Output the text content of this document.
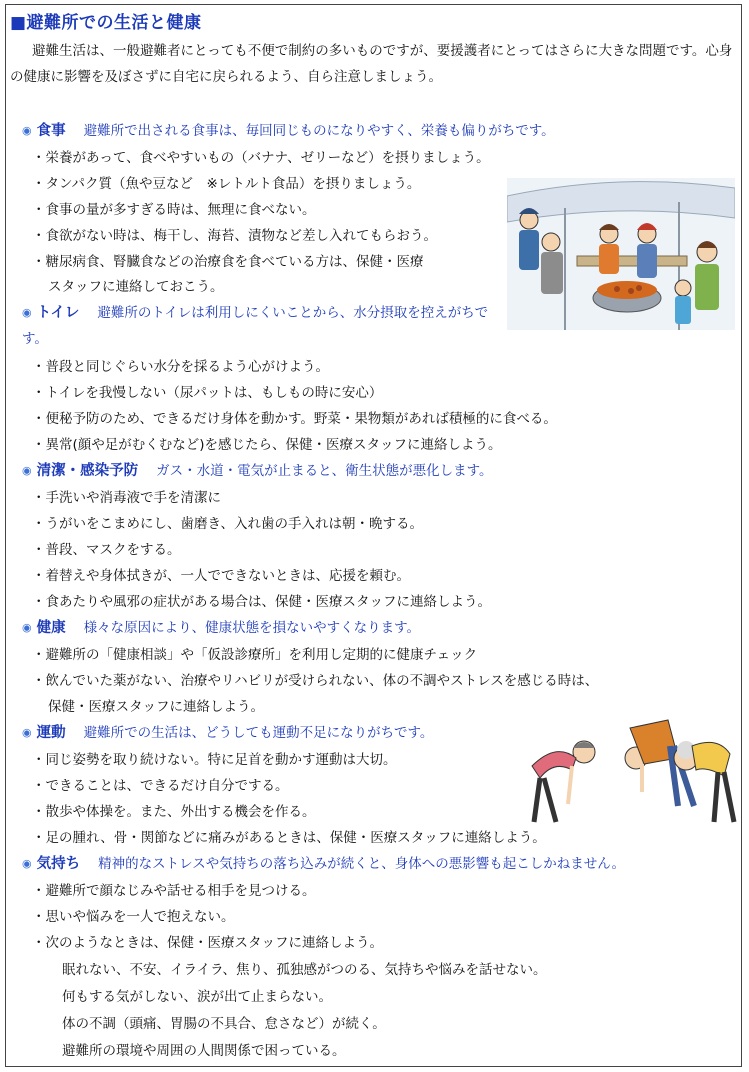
■避難所での生活と健康
避難生活は、一般避難者にとっても不便で制約の多いものですが、要援護者にとってはさらに大きな問題です。心身の健康に影響を及ぼさずに自宅に戻られるよう、自ら注意しましょう。
◉ 食事 避難所で出される食事は、毎回同じものになりやすく、栄養も偏りがちです。
・ 栄養があって、食べやすいもの（バナナ、ゼリーなど）を摂りましょう。
・ タンパク質（魚や豆など　※レトルト食品）を摂りましょう。
・ 食事の量が多すぎる時は、無理に食べない。
・ 食欲がない時は、梅干し、海苔、漬物など差し入れてもらおう。
・ 糖尿病食、腎臓食などの治療食を食べている方は、保健・医療
スタッフに連絡しておこう。
◉ トイレ 避難所のトイレは利用しにくいことから、水分摂取を控えがちです。
・ 普段と同じぐらい水分を採るよう心がけよう。
・ トイレを我慢しない（尿パットは、もしもの時に安心）
・ 便秘予防のため、できるだけ身体を動かす。野菜・果物類があれば積極的に食べる。
・ 異常(顔や足がむくむなど)を感じたら、保健・医療スタッフに連絡しよう。
◉ 清潔・感染予防 ガス・水道・電気が止まると、衛生状態が悪化します。
・ 手洗いや消毒液で手を清潔に
・ うがいをこまめにし、歯磨き、入れ歯の手入れは朝・晩する。
・ 普段、マスクをする。
・ 着替えや身体拭きが、一人でできないときは、応援を頼む。
・ 食あたりや風邪の症状がある場合は、保健・医療スタッフに連絡しよう。
◉ 健康 様々な原因により、健康状態を損ないやすくなります。
・ 避難所の「健康相談」や「仮設診療所」を利用し定期的に健康チェック
・ 飲んでいた薬がない、治療やリハビリが受けられない、体の不調やストレスを感じる時は、
保健・医療スタッフに連絡しよう。
◉ 運動 避難所での生活は、どうしても運動不足になりがちです。
・ 同じ姿勢を取り続けない。特に足首を動かす運動は大切。
・ できることは、できるだけ自分でする。
・ 散歩や体操を。また、外出する機会を作る。
・ 足の腫れ、骨・関節などに痛みがあるときは、保健・医療スタッフに連絡しよう。
◉ 気持ち 精神的なストレスや気持ちの落ち込みが続くと、身体への悪影響も起こしかねません。
・ 避難所で顔なじみや話せる相手を見つける。
・ 思いや悩みを一人で抱えない。
・ 次のようなときは、保健・医療スタッフに連絡しよう。
眠れない、不安、イライラ、焦り、孤独感がつのる、気持ちや悩みを話せない。
何もする気がしない、涙が出て止まらない。
体の不調（頭痛、胃腸の不具合、怠さなど）が続く。
避難所の環境や周囲の人間関係で困っている。
